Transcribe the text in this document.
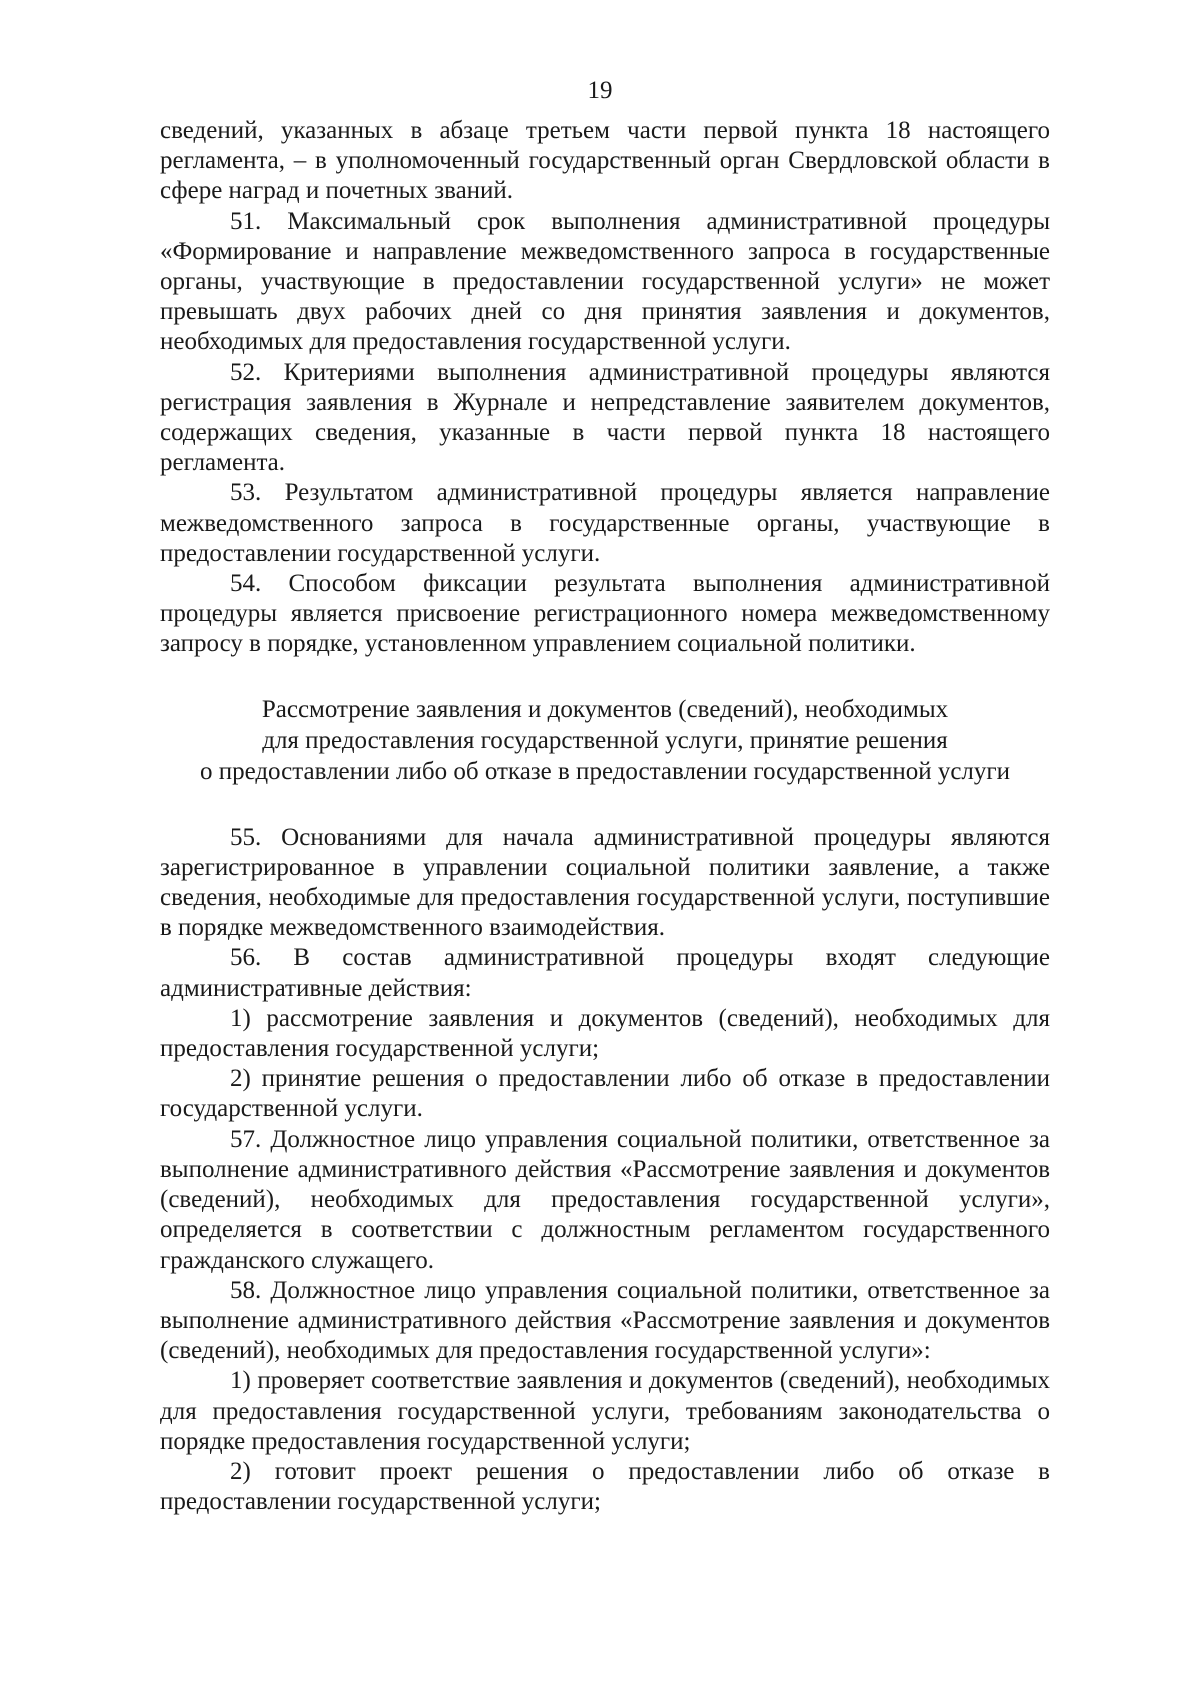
19

сведений, указанных в абзаце третьем части первой пункта 18 настоящего регламента, – в уполномоченный государственный орган Свердловской области в сфере наград и почетных званий.

51. Максимальный срок выполнения административной процедуры «Формирование и направление межведомственного запроса в государственные органы, участвующие в предоставлении государственной услуги» не может превышать двух рабочих дней со дня принятия заявления и документов, необходимых для предоставления государственной услуги.

52. Критериями выполнения административной процедуры являются регистрация заявления в Журнале и непредставление заявителем документов, содержащих сведения, указанные в части первой пункта 18 настоящего регламента.

53. Результатом административной процедуры является направление межведомственного запроса в государственные органы, участвующие в предоставлении государственной услуги.

54. Способом фиксации результата выполнения административной процедуры является присвоение регистрационного номера межведомственному запросу в порядке, установленном управлением социальной политики.

Рассмотрение заявления и документов (сведений), необходимых
для предоставления государственной услуги, принятие решения
о предоставлении либо об отказе в предоставлении государственной услуги

55. Основаниями для начала административной процедуры являются зарегистрированное в управлении социальной политики заявление, а также сведения, необходимые для предоставления государственной услуги, поступившие в порядке межведомственного взаимодействия.

56. В состав административной процедуры входят следующие административные действия:

1) рассмотрение заявления и документов (сведений), необходимых для предоставления государственной услуги;

2) принятие решения о предоставлении либо об отказе в предоставлении государственной услуги.

57. Должностное лицо управления социальной политики, ответственное за выполнение административного действия «Рассмотрение заявления и документов (сведений), необходимых для предоставления государственной услуги», определяется в соответствии с должностным регламентом государственного гражданского служащего.

58. Должностное лицо управления социальной политики, ответственное за выполнение административного действия «Рассмотрение заявления и документов (сведений), необходимых для предоставления государственной услуги»:

1) проверяет соответствие заявления и документов (сведений), необходимых для предоставления государственной услуги, требованиям законодательства о порядке предоставления государственной услуги;

2) готовит проект решения о предоставлении либо об отказе в предоставлении государственной услуги;
